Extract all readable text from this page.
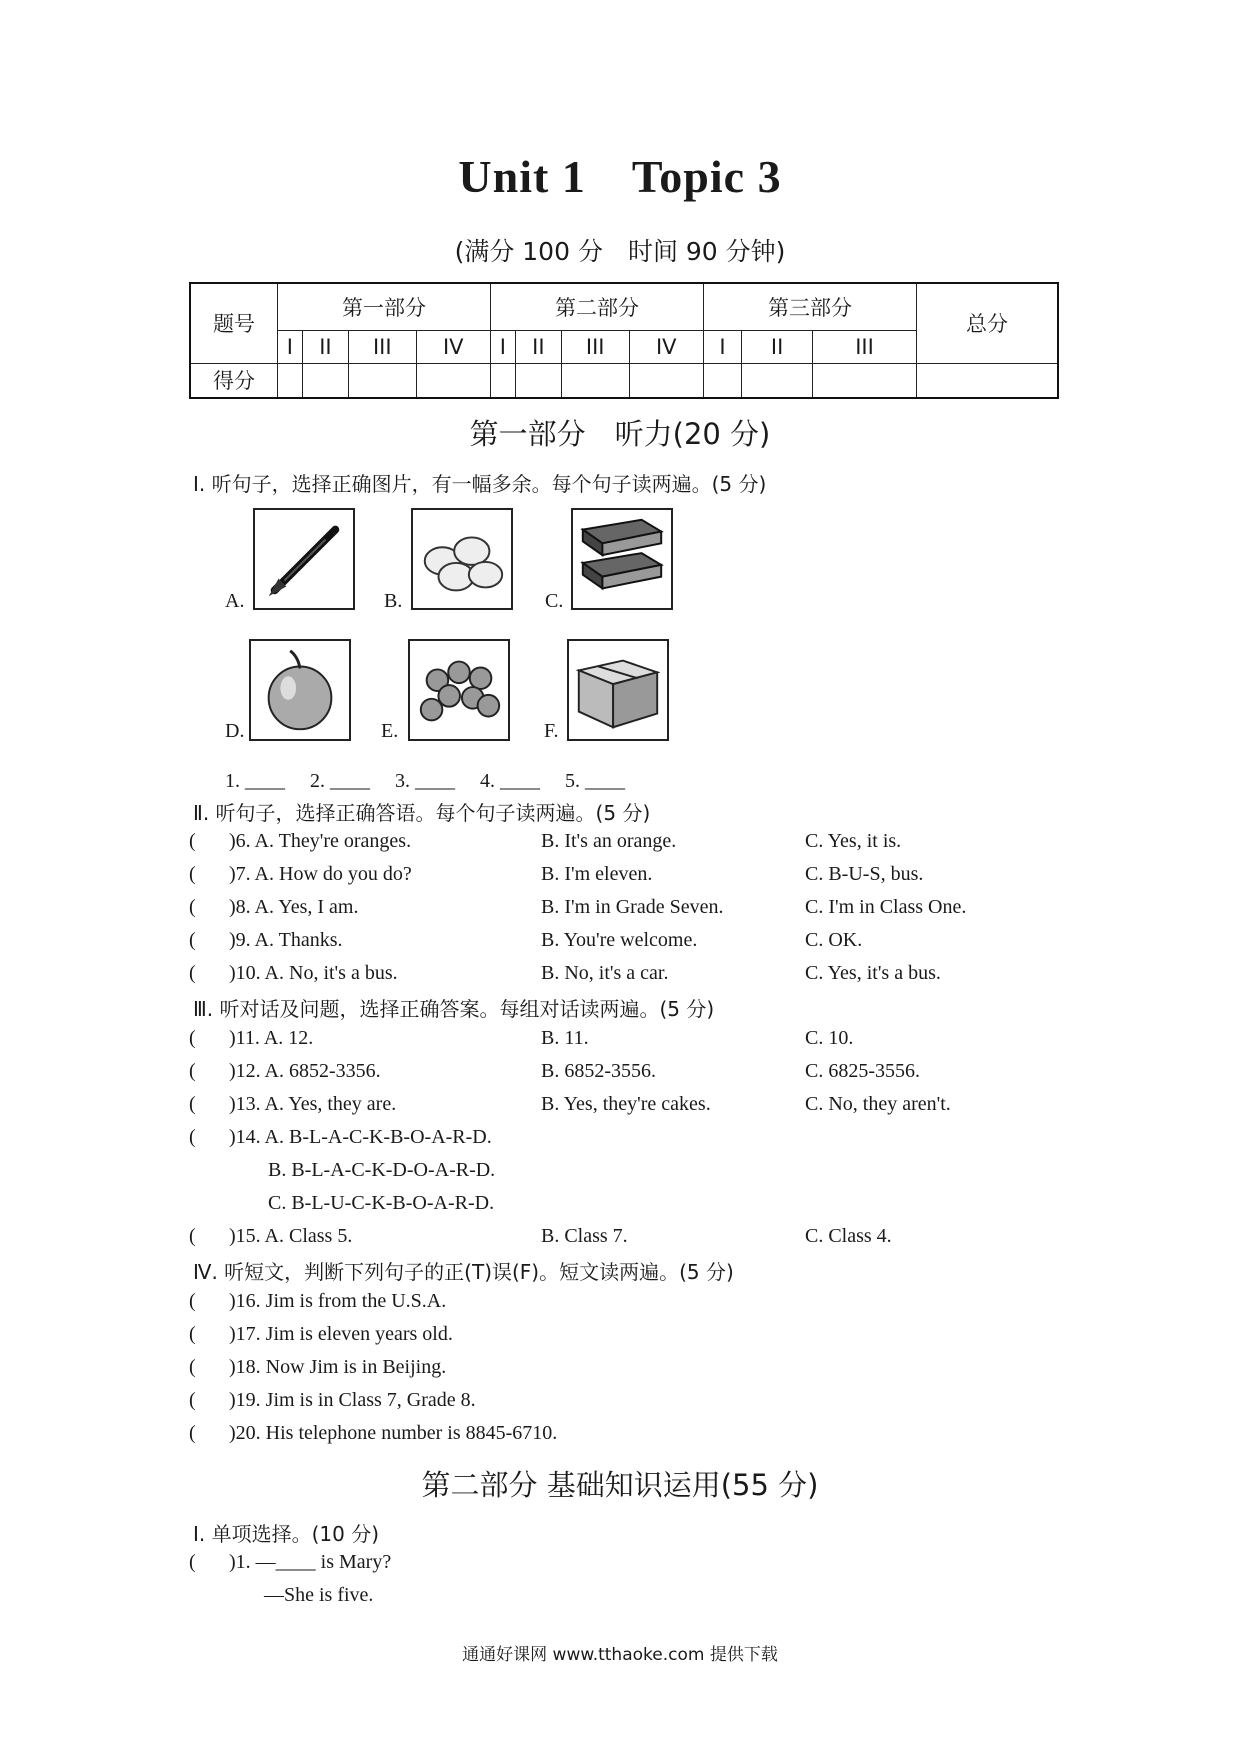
Unit 1 Topic 3
(满分 100 分　时间 90 分钟)
题号	第一部分				第二部分				第三部分			总分
	I	II	III	IV	I	II	III	IV	I	II	III	
得分												
第一部分　听力(20 分)
Ⅰ. 听句子，选择正确图片，有一幅多余。每个句子读两遍。(5 分)
A.	B.	C.
D.	E.	F.
1. ____　 2. ____　 3. ____　 4. ____　 5. ____
Ⅱ. 听句子，选择正确答语。每个句子读两遍。(5 分)
( )6. A. They're oranges.	B. It's an orange.	C. Yes, it is.
( )7. A. How do you do?	B. I'm eleven.	C. B-U-S, bus.
( )8. A. Yes, I am.	B. I'm in Grade Seven.	C. I'm in Class One.
( )9. A. Thanks.	B. You're welcome.	C. OK.
( )10. A. No, it's a bus.	B. No, it's a car.	C. Yes, it's a bus.
Ⅲ. 听对话及问题，选择正确答案。每组对话读两遍。(5 分)
( )11. A. 12.	B. 11.	C. 10.
( )12. A. 6852-3356.	B. 6852-3556.	C. 6825-3556.
( )13. A. Yes, they are.	B. Yes, they're cakes.	C. No, they aren't.
( )14. A. B-L-A-C-K-B-O-A-R-D.
B. B-L-A-C-K-D-O-A-R-D.
C. B-L-U-C-K-B-O-A-R-D.
( )15. A. Class 5.	B. Class 7.	C. Class 4.
Ⅳ. 听短文，判断下列句子的正(T)误(F)。短文读两遍。(5 分)
( )16. Jim is from the U.S.A.
( )17. Jim is eleven years old.
( )18. Now Jim is in Beijing.
( )19. Jim is in Class 7, Grade 8.
( )20. His telephone number is 8845-6710.
第二部分 基础知识运用(55 分)
Ⅰ. 单项选择。(10 分)
( )1. —____ is Mary?
—She is five.
通通好课网 www.tthaoke.com 提供下载
